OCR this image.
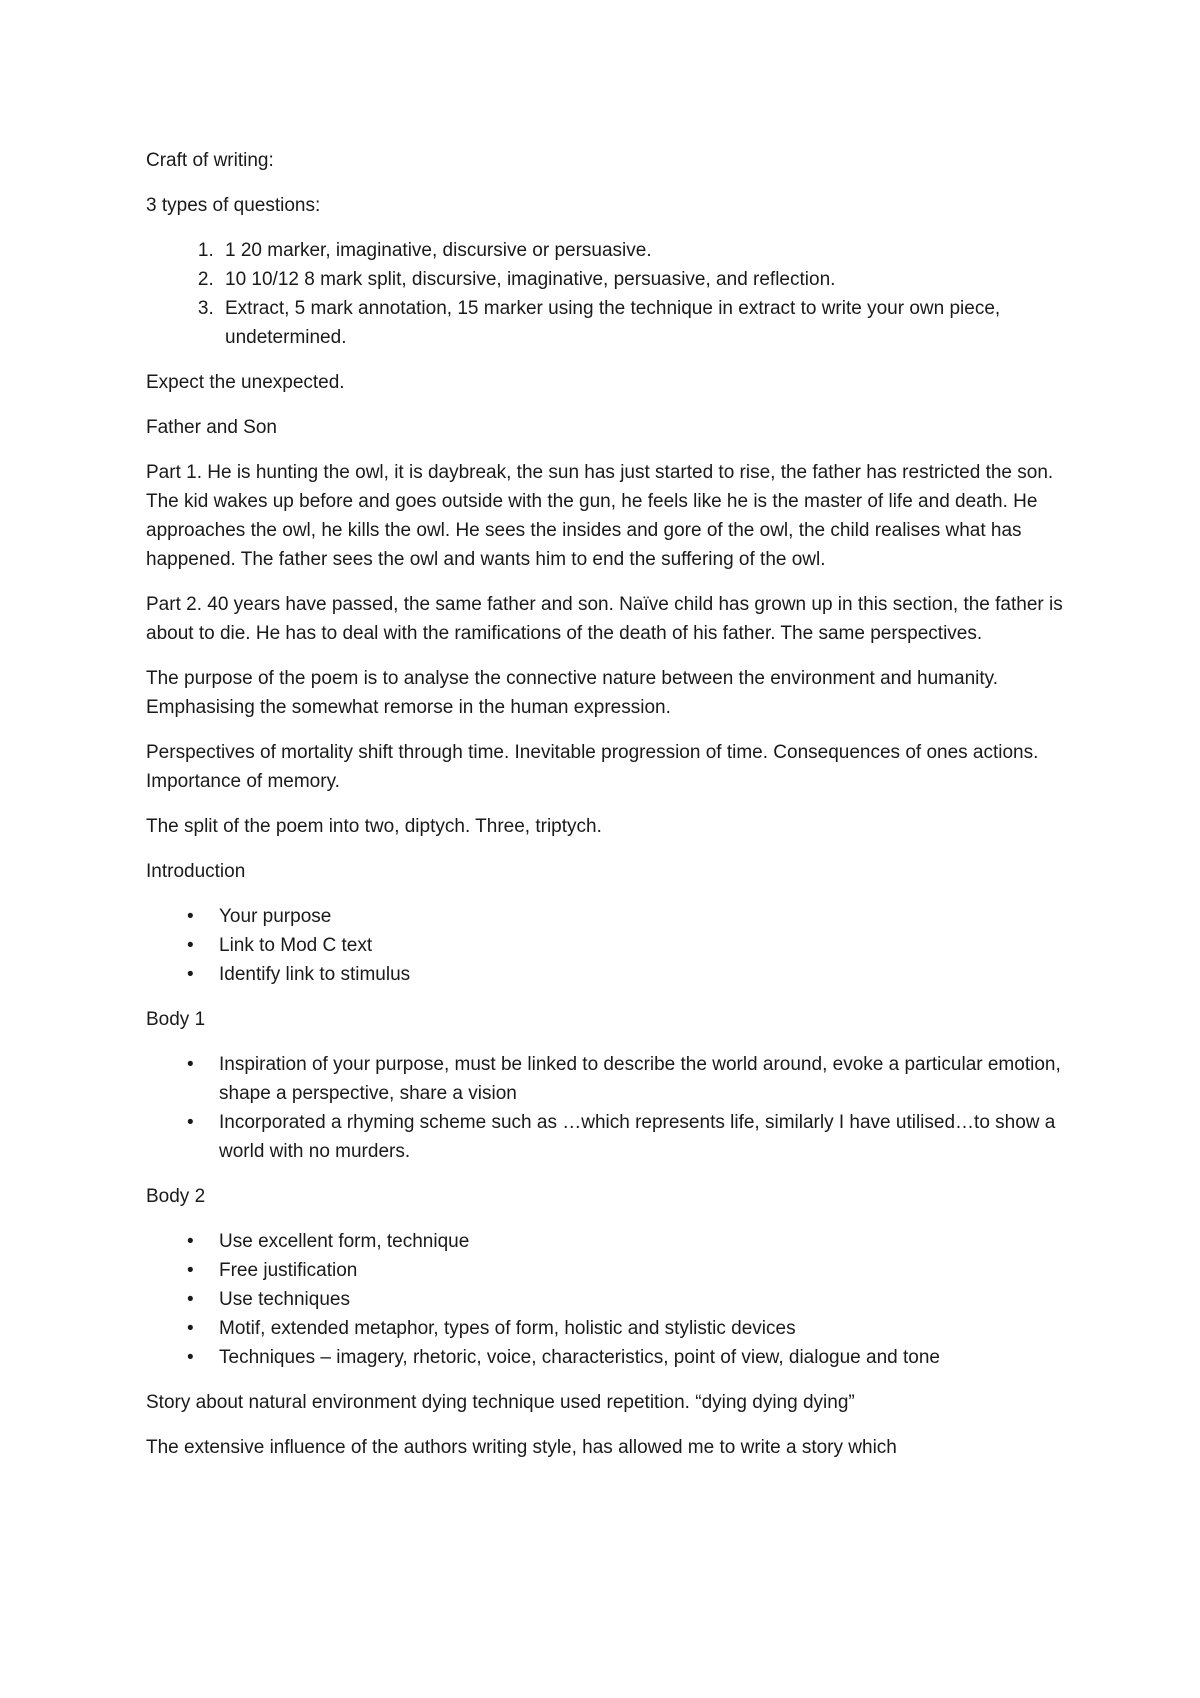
Craft of writing:

3 types of questions:

1. 1 20 marker, imaginative, discursive or persuasive.
2. 10 10/12 8 mark split, discursive, imaginative, persuasive, and reflection.
3. Extract, 5 mark annotation, 15 marker using the technique in extract to write your own piece, undetermined.

Expect the unexpected.

Father and Son

Part 1. He is hunting the owl, it is daybreak, the sun has just started to rise, the father has restricted the son. The kid wakes up before and goes outside with the gun, he feels like he is the master of life and death. He approaches the owl, he kills the owl. He sees the insides and gore of the owl, the child realises what has happened. The father sees the owl and wants him to end the suffering of the owl.

Part 2. 40 years have passed, the same father and son. Naïve child has grown up in this section, the father is about to die. He has to deal with the ramifications of the death of his father. The same perspectives.

The purpose of the poem is to analyse the connective nature between the environment and humanity. Emphasising the somewhat remorse in the human expression.

Perspectives of mortality shift through time. Inevitable progression of time. Consequences of ones actions. Importance of memory.

The split of the poem into two, diptych. Three, triptych.

Introduction

• Your purpose
• Link to Mod C text
• Identify link to stimulus

Body 1

• Inspiration of your purpose, must be linked to describe the world around, evoke a particular emotion, shape a perspective, share a vision
• Incorporated a rhyming scheme such as …which represents life, similarly I have utilised…to show a world with no murders.

Body 2

• Use excellent form, technique
• Free justification
• Use techniques
• Motif, extended metaphor, types of form, holistic and stylistic devices
• Techniques – imagery, rhetoric, voice, characteristics, point of view, dialogue and tone

Story about natural environment dying technique used repetition. “dying dying dying”

The extensive influence of the authors writing style, has allowed me to write a story which
